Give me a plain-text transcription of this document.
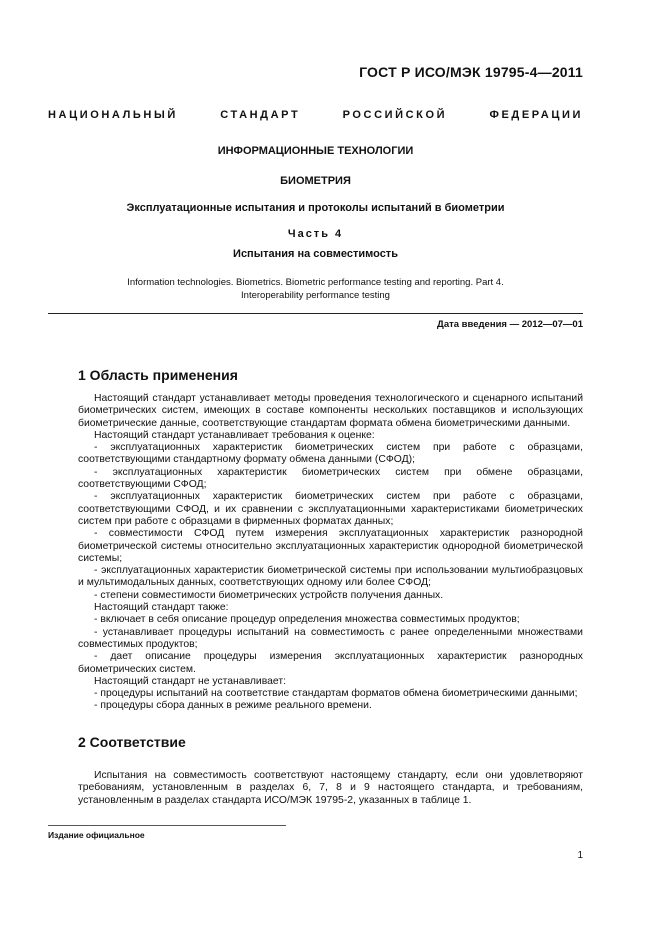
ГОСТ Р ИСО/МЭК 19795-4—2011
НАЦИОНАЛЬНЫЙ	СТАНДАРТ	РОССИЙСКОЙ	ФЕДЕРАЦИИ
ИНФОРМАЦИОННЫЕ ТЕХНОЛОГИИ
БИОМЕТРИЯ
Эксплуатационные испытания и протоколы испытаний в биометрии
Часть 4
Испытания на совместимость
Information technologies. Biometrics. Biometric performance testing and reporting. Part 4.
Interoperability performance testing
Дата введения — 2012—07—01
1 Область применения

Настоящий стандарт устанавливает методы проведения технологического и сценарного испытаний биометрических систем, имеющих в составе компоненты нескольких поставщиков и использующих биометрические данные, соответствующие стандартам формата обмена биометрическими данными.

Настоящий стандарт устанавливает требования к оценке:

- эксплуатационных характеристик биометрических систем при работе с образцами, соответствующими стандартному формату обмена данными (СФОД);

- эксплуатационных характеристик биометрических систем при обмене образцами, соответствующими СФОД;

- эксплуатационных характеристик биометрических систем при работе с образцами, соответствующими СФОД, и их сравнении с эксплуатационными характеристиками биометрических систем при работе с образцами в фирменных форматах данных;

- совместимости СФОД путем измерения эксплуатационных характеристик разнородной биометрической системы относительно эксплуатационных характеристик однородной биометрической системы;

- эксплуатационных характеристик биометрической системы при использовании мультиобразцовых и мультимодальных данных, соответствующих одному или более СФОД;

- степени совместимости биометрических устройств получения данных.

Настоящий стандарт также:

- включает в себя описание процедур определения множества совместимых продуктов;

- устанавливает процедуры испытаний на совместимость с ранее определенными множествами совместимых продуктов;

- дает описание процедуры измерения эксплуатационных характеристик разнородных биометрических систем.

Настоящий стандарт не устанавливает:

- процедуры испытаний на соответствие стандартам форматов обмена биометрическими данными;

- процедуры сбора данных в режиме реального времени.

2 Соответствие

Испытания на совместимость соответствуют настоящему стандарту, если они удовлетворяют требованиям, установленным в разделах 6, 7, 8 и 9 настоящего стандарта, и требованиям, установленным в разделах стандарта ИСО/МЭК 19795-2, указанных в таблице 1.

Издание официальное
1
